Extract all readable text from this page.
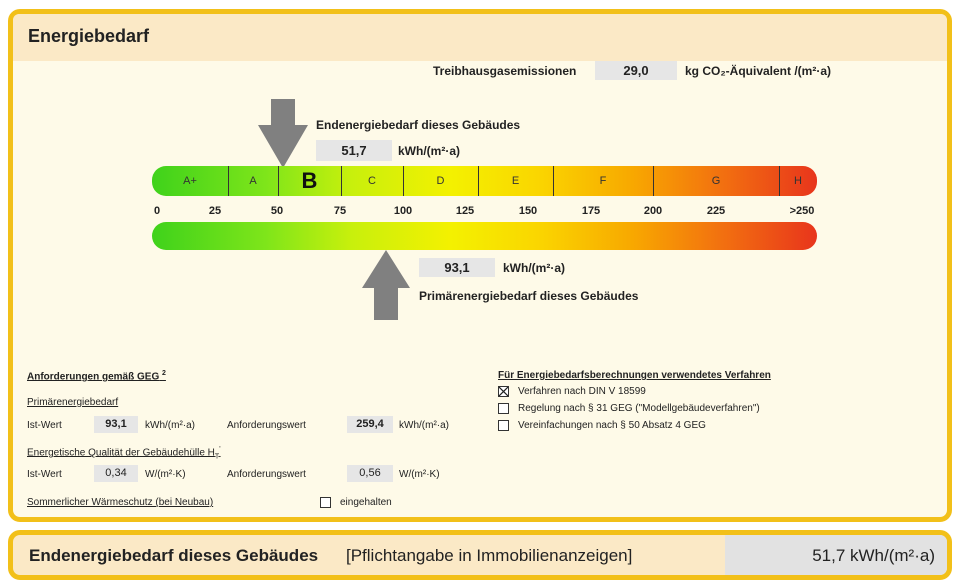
Energiebedarf
Treibhausgasemissionen	29,0	kg CO₂-Äquivalent /(m²·a)
Endenergiebedarf dieses Gebäudes
51,7	kWh/(m²·a)
A+	A	B	C	D	E	F	G	H
0	25	50	75	100	125	150	175	200	225	>250
93,1	kWh/(m²·a)
Primärenergiebedarf dieses Gebäudes
Anforderungen gemäß GEG $^2$
Primärenergiebedarf
Ist-Wert	93,1	kWh/(m²·a)	Anforderungswert	259,4	kWh/(m²·a)
Energetische Qualität der Gebäudehülle $H_T'$
Ist-Wert	0,34	W/(m²·K)	Anforderungswert	0,56	W/(m²·K)
Sommerlicher Wärmeschutz (bei Neubau)	eingehalten
Für Energiebedarfsberechnungen verwendetes Verfahren
Verfahren nach DIN V 18599
Regelung nach § 31 GEG ("Modellgebäudeverfahren")
Vereinfachungen nach § 50 Absatz 4 GEG
Endenergiebedarf dieses Gebäudes [Pflichtangabe in Immobilienanzeigen]	51,7 kWh/(m²·a)
